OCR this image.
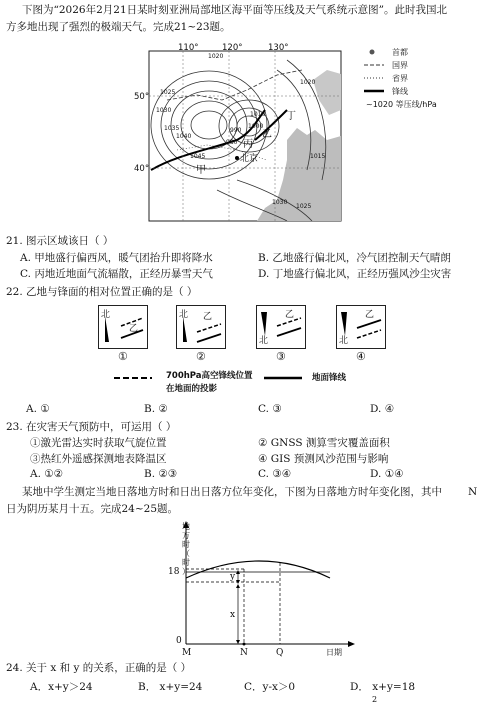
下图为“2026年2月21日某时刻亚洲局部地区海平面等压线及天气系统示意图”。此时我国北
方多地出现了强烈的极端天气。完成21~23题。
110°	120°	130°
50°
40°
1025
1030
1035
1040
1045
1020
1010
1000
990
980
1020
1015
1030
1025
丁
乙
丙
甲
北京
首都
国界
省界
锋线
~1020 等压线/hPa
21. 图示区域该日（ ）
A. 甲地盛行偏西风，暖气团抬升即将降水	B. 乙地盛行偏北风，冷气团控制天气晴朗
C. 丙地近地面气流辐散，正经历暴雪天气	D. 丁地盛行偏北风，正经历强风沙尘灾害
22. 乙地与锋面的相对位置正确的是（ ）
北
乙
①
北 乙
②
北
乙
③
北
乙
④
700hPa高空锋线位置
在地面的投影
地面锋线
A. ①	B. ②	C. ③	D. ④
23. 在灾害天气预防中，可运用（ ）
①激光雷达实时获取气旋位置	② GNSS 测算雪灾覆盖面积
③热红外遥感探测地表降温区	④ GIS 预测风沙范围与影响
A. ①②	B. ②③	C. ③④	D. ①④
某地中学生测定当地日落地方时和日出日落方位年变化，下图为日落地方时年变化图，其中 N
日为阴历某月十五。完成24~25题。
地
方
时
（
时
）
18
0
y
x
M	N	Q	日期
24. 关于 x 和 y 的关系，正确的是（ ）
A．x+y＞24	B． x+y=24	C．y-x＞0	D． x+y=18
2
